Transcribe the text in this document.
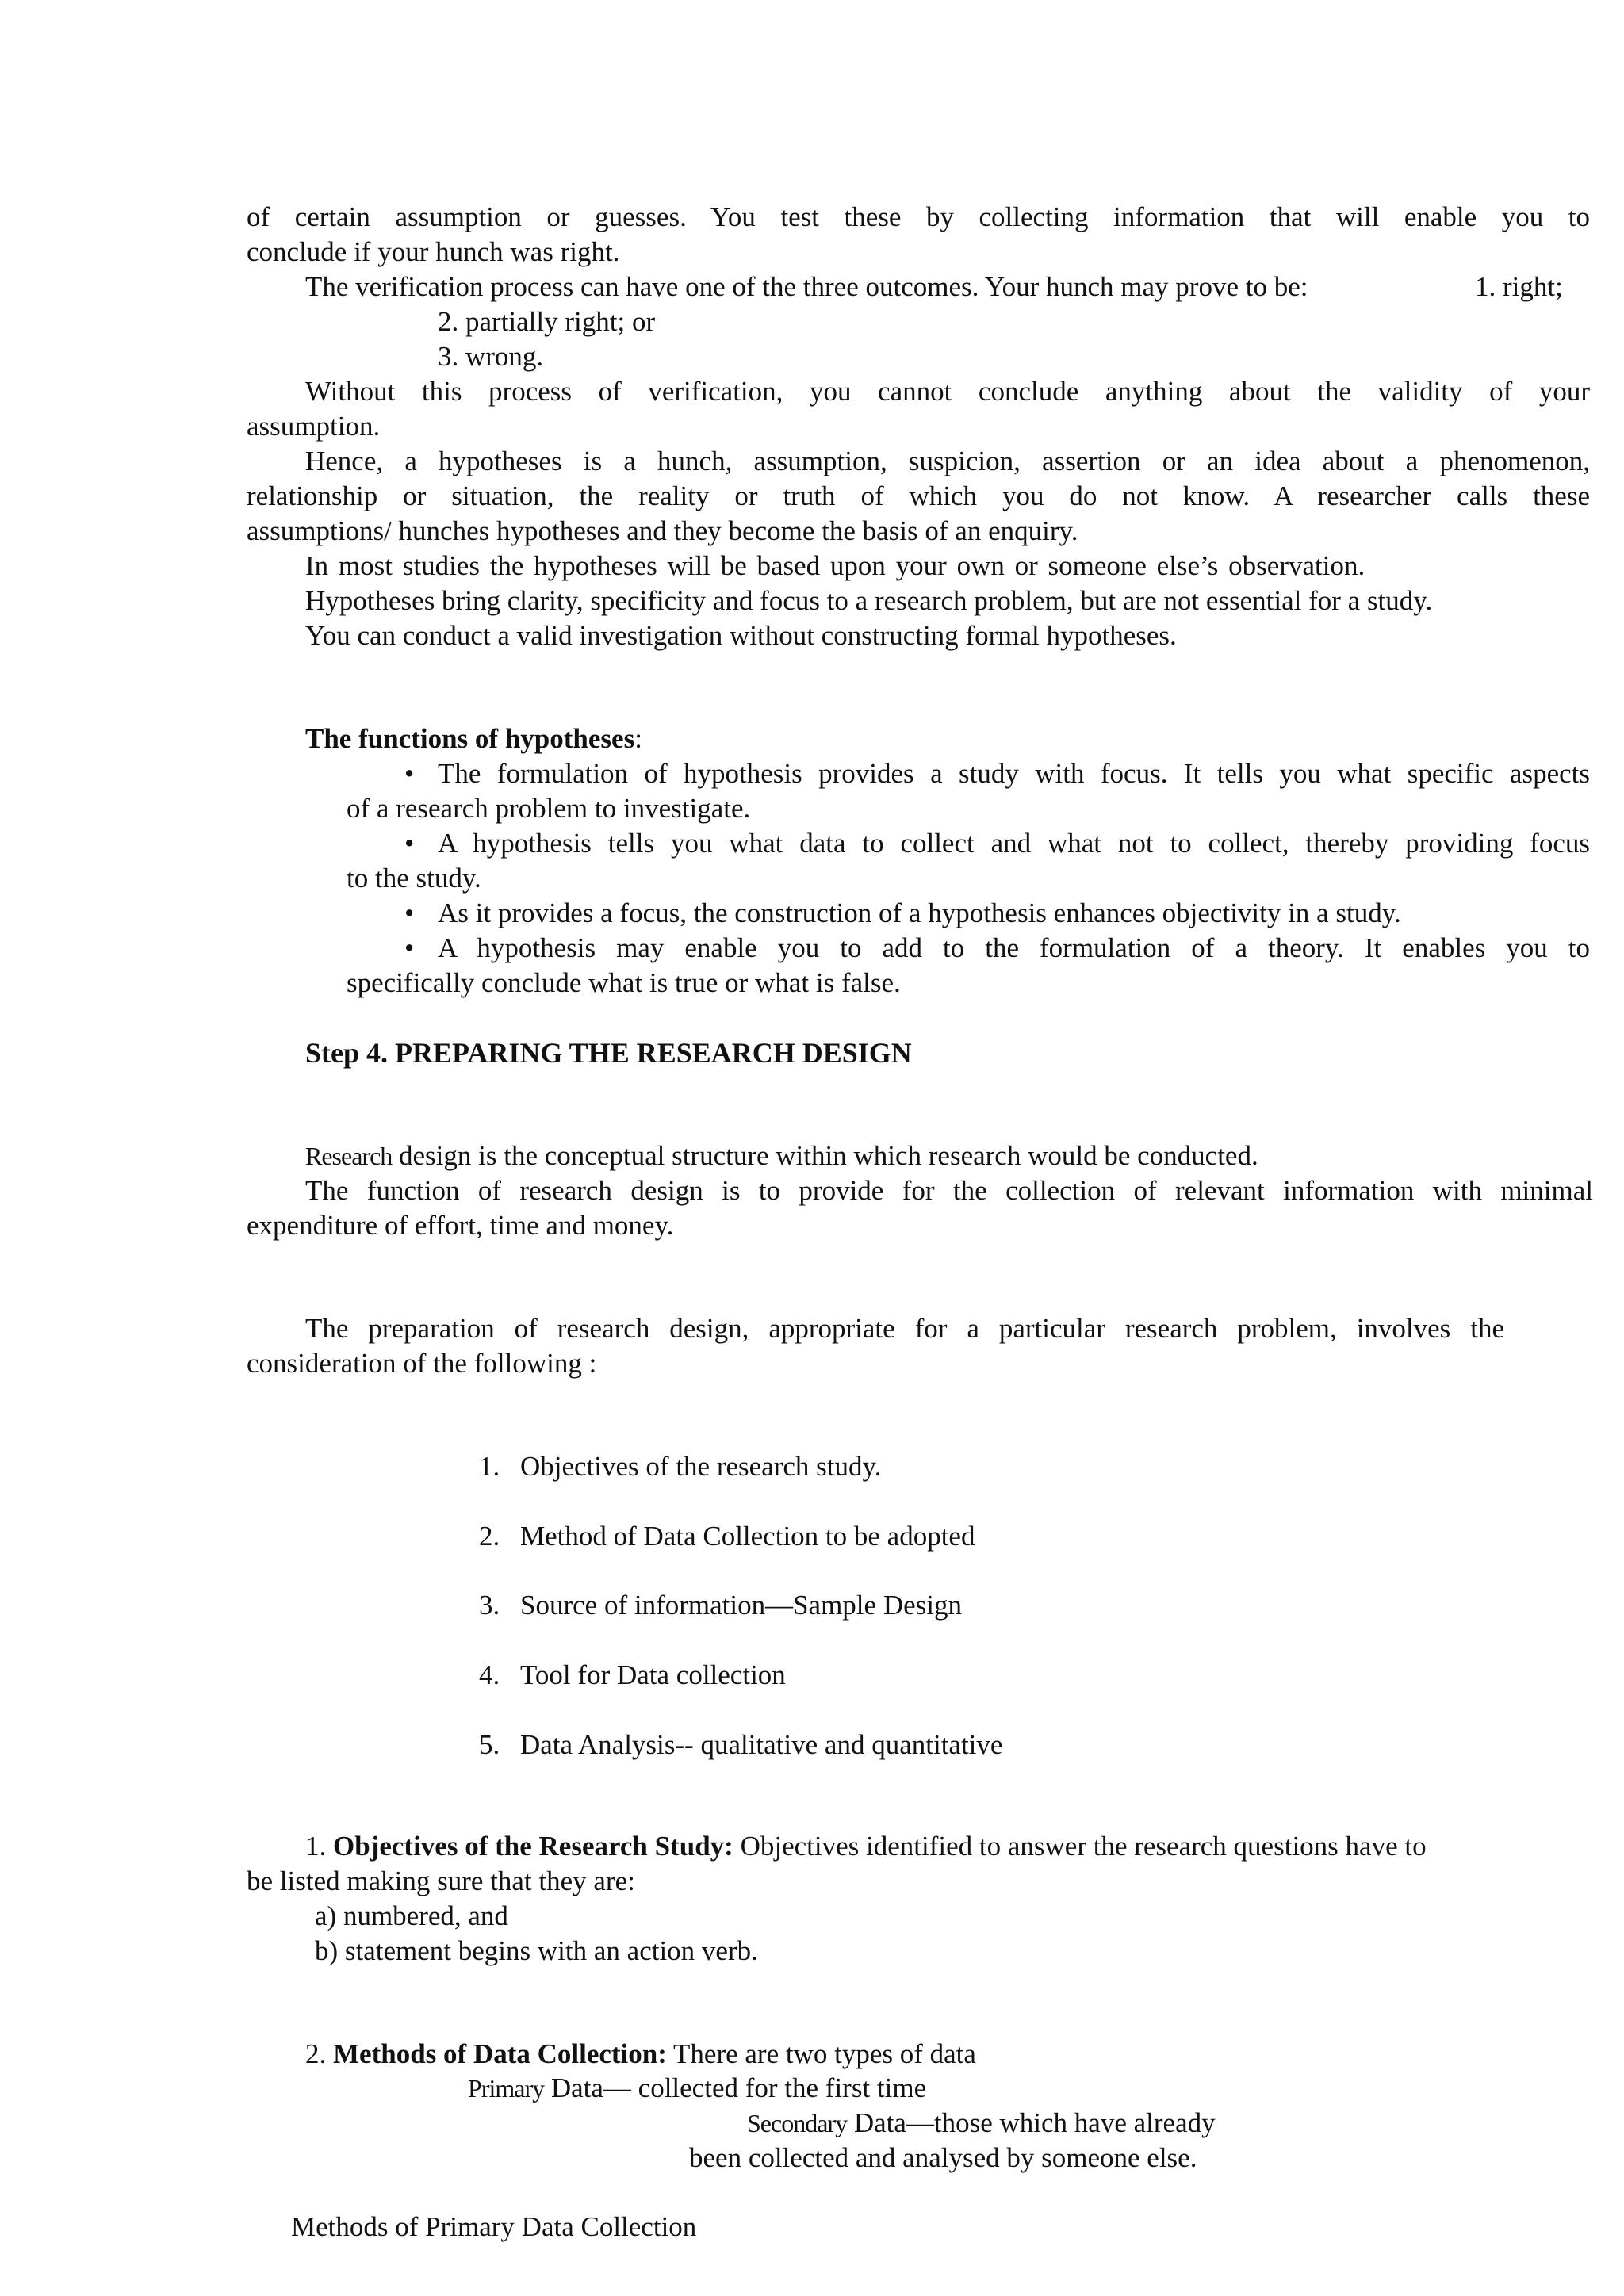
of certain assumption or guesses. You test these by collecting information that will enable you to

conclude if your hunch was right.

The verification process can have one of the three outcomes. Your hunch may prove to be:	1. right;

2. partially right; or

3. wrong.

Without this process of verification, you cannot conclude anything about the validity of your

assumption.

Hence, a hypotheses is a hunch, assumption, suspicion, assertion or an idea about a phenomenon,

relationship or situation, the reality or truth of which you do not know. A researcher calls these

assumptions/ hunches hypotheses and they become the basis of an enquiry.

In most studies the hypotheses will be based upon your own or someone else’s observation.

Hypotheses bring clarity, specificity and focus to a research problem, but are not essential for a study.

You can conduct a valid investigation without constructing formal hypotheses.

The functions of hypotheses:

• The formulation of hypothesis provides a study with focus. It tells you what specific aspects

of a research problem to investigate.

• A hypothesis tells you what data to collect and what not to collect, thereby providing focus

to the study.

• As it provides a focus, the construction of a hypothesis enhances objectivity in a study.

• A hypothesis may enable you to add to the formulation of a theory. It enables you to

specifically conclude what is true or what is false.

Step 4. PREPARING THE RESEARCH DESIGN

Research design is the conceptual structure within which research would be conducted.

The function of research design is to provide for the collection of relevant information with minimal

expenditure of effort, time and money.

The preparation of research design, appropriate for a particular research problem, involves the

consideration of the following :

1. Objectives of the research study.

2. Method of Data Collection to be adopted

3. Source of information—Sample Design

4. Tool for Data collection

5. Data Analysis-- qualitative and quantitative

1. Objectives of the Research Study: Objectives identified to answer the research questions have to

be listed making sure that they are:

a) numbered, and

b) statement begins with an action verb.

2. Methods of Data Collection: There are two types of data

Primary Data— collected for the first time

Secondary Data—those which have already

been collected and analysed by someone else.

Methods of Primary Data Collection
